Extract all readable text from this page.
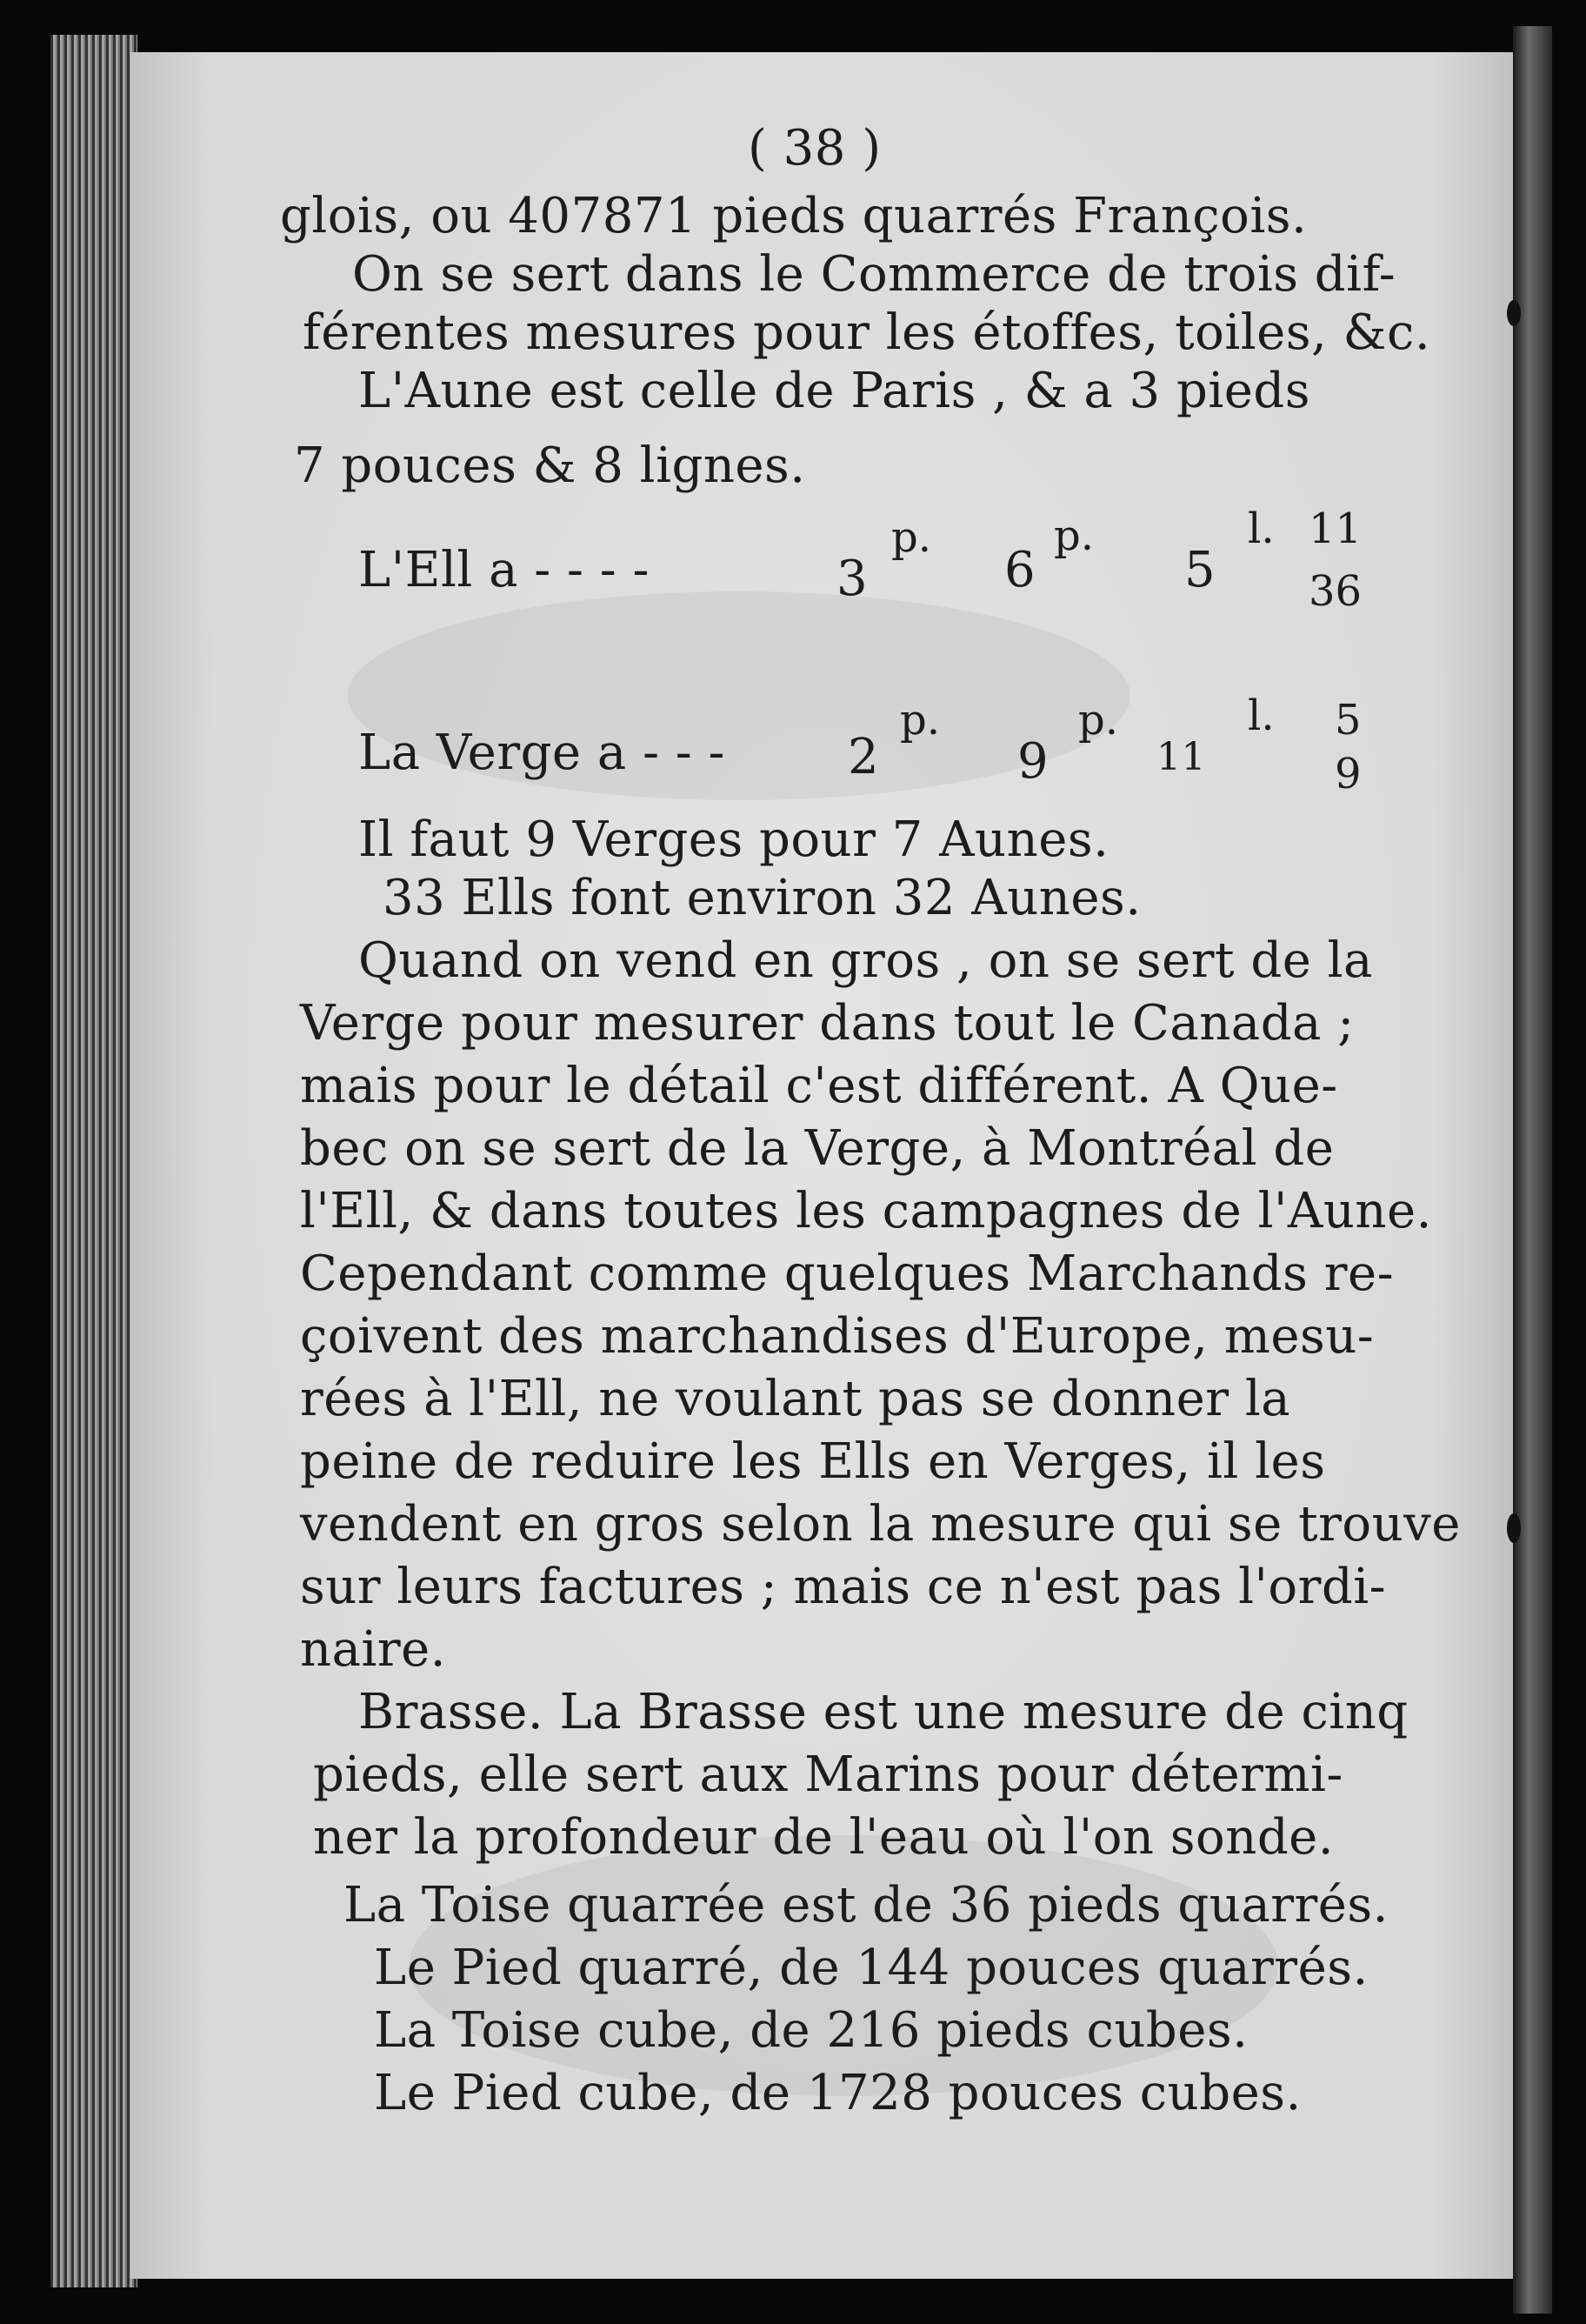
( 38 )
glois, ou 407871 pieds quarrés François.
On se sert dans le Commerce de trois dif-
férentes mesures pour les étoffes, toiles, &c.
L'Aune est celle de Paris , & a 3 pieds
7 pouces & 8 lignes.
L'Ell a - - - -	3
p.
6
p.
5
l. 11
36
La Verge a - - -	2
p.
9
p.
11
l. 5
9
Il faut 9 Verges pour 7 Aunes.
33 Ells font environ 32 Aunes.
Quand on vend en gros , on se sert de la
Verge pour mesurer dans tout le Canada ;
mais pour le détail c'est différent. A Que-
bec on se sert de la Verge, à Montréal de
l'Ell, & dans toutes les campagnes de l'Aune.
Cependant comme quelques Marchands re-
çoivent des marchandises d'Europe, mesu-
rées à l'Ell, ne voulant pas se donner la
peine de reduire les Ells en Verges, il les
vendent en gros selon la mesure qui se trouve
sur leurs factures ; mais ce n'est pas l'ordi-
naire.
Brasse. La Brasse est une mesure de cinq
pieds, elle sert aux Marins pour détermi-
ner la profondeur de l'eau où l'on sonde.
La Toise quarrée est de 36 pieds quarrés.
Le Pied quarré, de 144 pouces quarrés.
La Toise cube, de 216 pieds cubes.
Le Pied cube, de 1728 pouces cubes.
